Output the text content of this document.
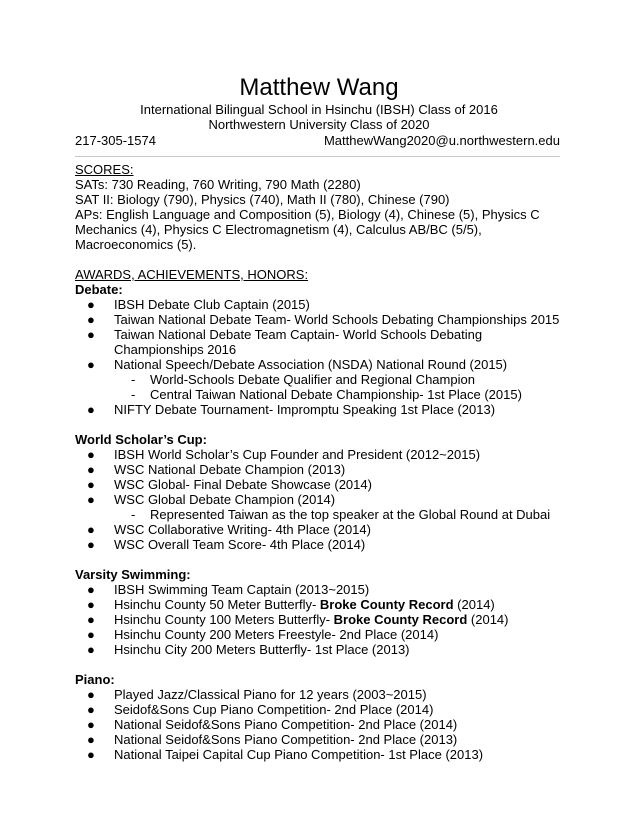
Matthew Wang
International Bilingual School in Hsinchu (IBSH) Class of 2016
Northwestern University Class of 2020
217-305-1574	MatthewWang2020@u.northwestern.edu
SCORES:
SATs: 730 Reading, 760 Writing, 790 Math (2280)
SAT II: Biology (790), Physics (740), Math II (780), Chinese (790)
APs: English Language and Composition (5), Biology (4), Chinese (5), Physics C
Mechanics (4), Physics C Electromagnetism (4), Calculus AB/BC (5/5),
Macroeconomics (5).
AWARDS, ACHIEVEMENTS, HONORS:
Debate:
● IBSH Debate Club Captain (2015)
● Taiwan National Debate Team- World Schools Debating Championships 2015
● Taiwan National Debate Team Captain- World Schools Debating Championships 2016
● National Speech/Debate Association (NSDA) National Round (2015)
- World-Schools Debate Qualifier and Regional Champion
- Central Taiwan National Debate Championship- 1st Place (2015)
● NIFTY Debate Tournament- Impromptu Speaking 1st Place (2013)
World Scholar’s Cup:
● IBSH World Scholar’s Cup Founder and President (2012~2015)
● WSC National Debate Champion (2013)
● WSC Global- Final Debate Showcase (2014)
● WSC Global Debate Champion (2014)
- Represented Taiwan as the top speaker at the Global Round at Dubai
● WSC Collaborative Writing- 4th Place (2014)
● WSC Overall Team Score- 4th Place (2014)
Varsity Swimming:
● IBSH Swimming Team Captain (2013~2015)
● Hsinchu County 50 Meter Butterfly- Broke County Record (2014)
● Hsinchu County 100 Meters Butterfly- Broke County Record (2014)
● Hsinchu County 200 Meters Freestyle- 2nd Place (2014)
● Hsinchu City 200 Meters Butterfly- 1st Place (2013)
Piano:
● Played Jazz/Classical Piano for 12 years (2003~2015)
● Seidof&Sons Cup Piano Competition- 2nd Place (2014)
● National Seidof&Sons Piano Competition- 2nd Place (2014)
● National Seidof&Sons Piano Competition- 2nd Place (2013)
● National Taipei Capital Cup Piano Competition- 1st Place (2013)
